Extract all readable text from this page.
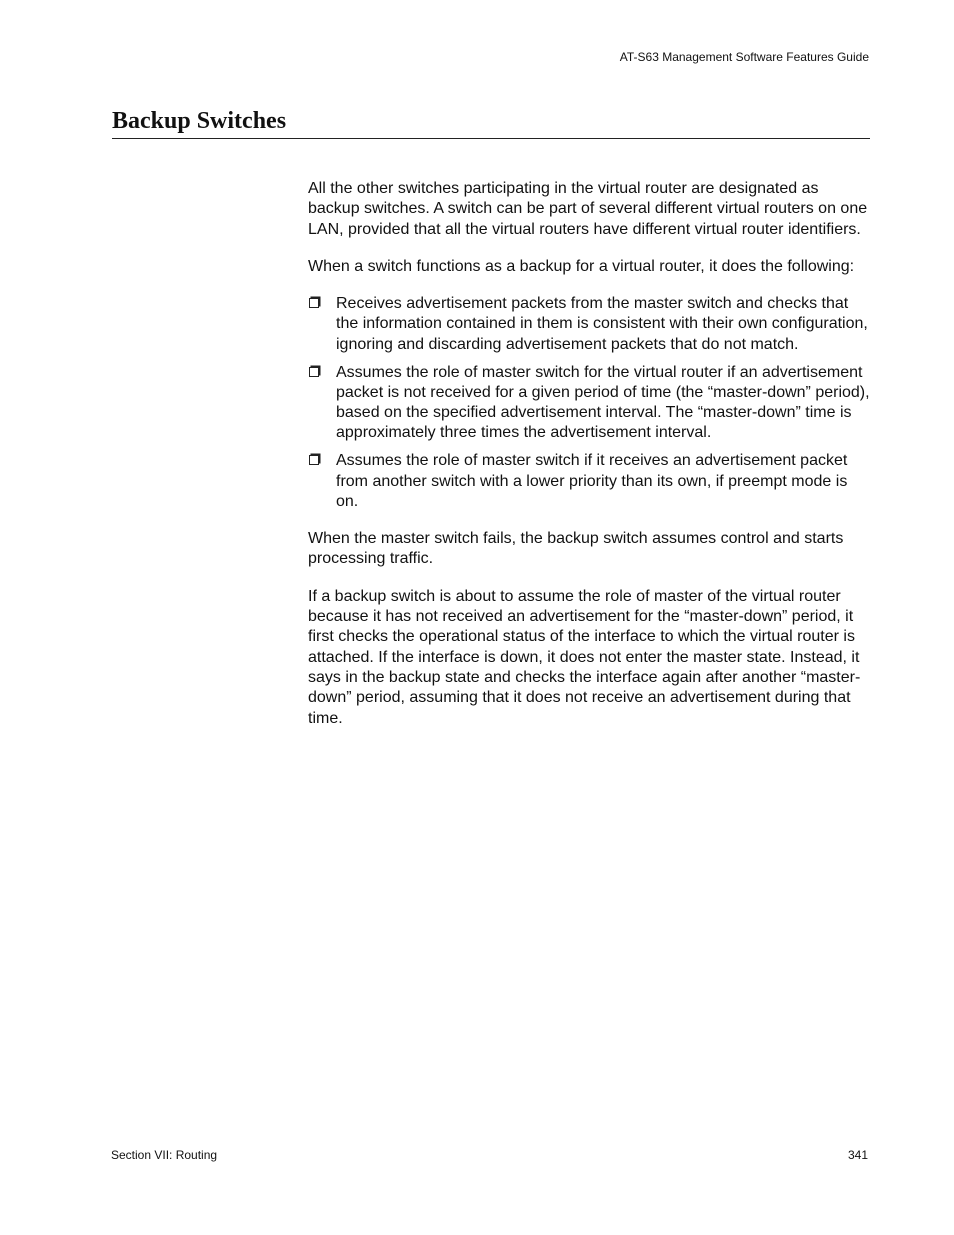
AT-S63 Management Software Features Guide
Backup Switches

All the other switches participating in the virtual router are designated as backup switches. A switch can be part of several different virtual routers on one LAN, provided that all the virtual routers have different virtual router identifiers.

When a switch functions as a backup for a virtual router, it does the following:

Receives advertisement packets from the master switch and checks that the information contained in them is consistent with their own configuration, ignoring and discarding advertisement packets that do not match.
Assumes the role of master switch for the virtual router if an advertisement packet is not received for a given period of time (the “master-down” period), based on the specified advertisement interval. The “master-down” time is approximately three times the advertisement interval.
Assumes the role of master switch if it receives an advertisement packet from another switch with a lower priority than its own, if preempt mode is on.

When the master switch fails, the backup switch assumes control and starts processing traffic.

If a backup switch is about to assume the role of master of the virtual router because it has not received an advertisement for the “master-down” period, it first checks the operational status of the interface to which the virtual router is attached. If the interface is down, it does not enter the master state. Instead, it says in the backup state and checks the interface again after another “master-down” period, assuming that it does not receive an advertisement during that time.

Section VII: Routing	341
